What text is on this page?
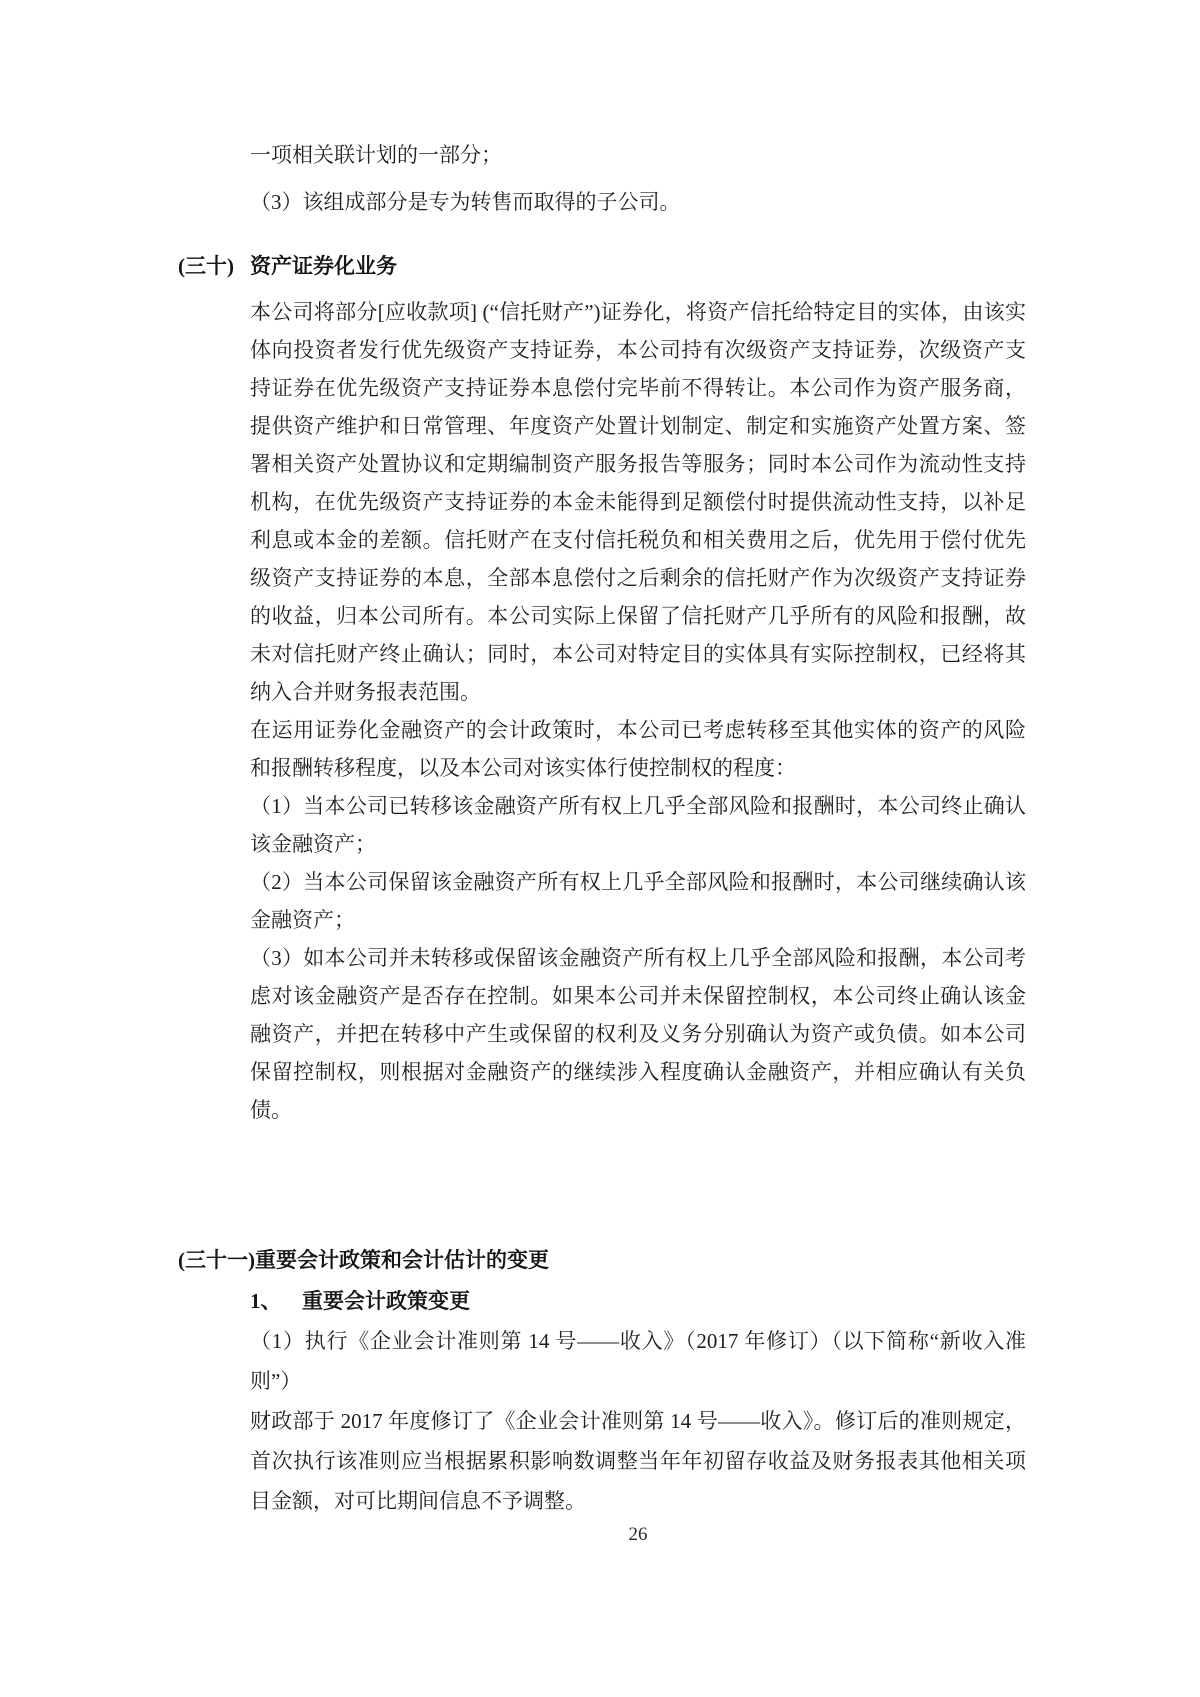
一项相关联计划的一部分；

（3）该组成部分是专为转售而取得的子公司。

(三十) 资产证券化业务

本公司将部分[应收款项] (“信托财产”)证券化，将资产信托给特定目的实体，由该实体向投资者发行优先级资产支持证券，本公司持有次级资产支持证券，次级资产支持证券在优先级资产支持证券本息偿付完毕前不得转让。本公司作为资产服务商，提供资产维护和日常管理、年度资产处置计划制定、制定和实施资产处置方案、签署相关资产处置协议和定期编制资产服务报告等服务；同时本公司作为流动性支持机构，在优先级资产支持证券的本金未能得到足额偿付时提供流动性支持，以补足利息或本金的差额。信托财产在支付信托税负和相关费用之后，优先用于偿付优先级资产支持证券的本息，全部本息偿付之后剩余的信托财产作为次级资产支持证券的收益，归本公司所有。本公司实际上保留了信托财产几乎所有的风险和报酬，故未对信托财产终止确认；同时，本公司对特定目的实体具有实际控制权，已经将其纳入合并财务报表范围。

在运用证券化金融资产的会计政策时，本公司已考虑转移至其他实体的资产的风险和报酬转移程度，以及本公司对该实体行使控制权的程度：

（1）当本公司已转移该金融资产所有权上几乎全部风险和报酬时，本公司终止确认该金融资产；

（2）当本公司保留该金融资产所有权上几乎全部风险和报酬时，本公司继续确认该金融资产；

（3）如本公司并未转移或保留该金融资产所有权上几乎全部风险和报酬，本公司考虑对该金融资产是否存在控制。如果本公司并未保留控制权，本公司终止确认该金融资产，并把在转移中产生或保留的权利及义务分别确认为资产或负债。如本公司保留控制权，则根据对金融资产的继续涉入程度确认金融资产，并相应确认有关负债。

(三十一) 重要会计政策和会计估计的变更
1、 重要会计政策变更

（1）执行《企业会计准则第 14 号——收入》（2017 年修订）（以下简称“新收入准则”）

财政部于 2017 年度修订了《企业会计准则第 14 号——收入》。修订后的准则规定，首次执行该准则应当根据累积影响数调整当年年初留存收益及财务报表其他相关项目金额，对可比期间信息不予调整。

26
